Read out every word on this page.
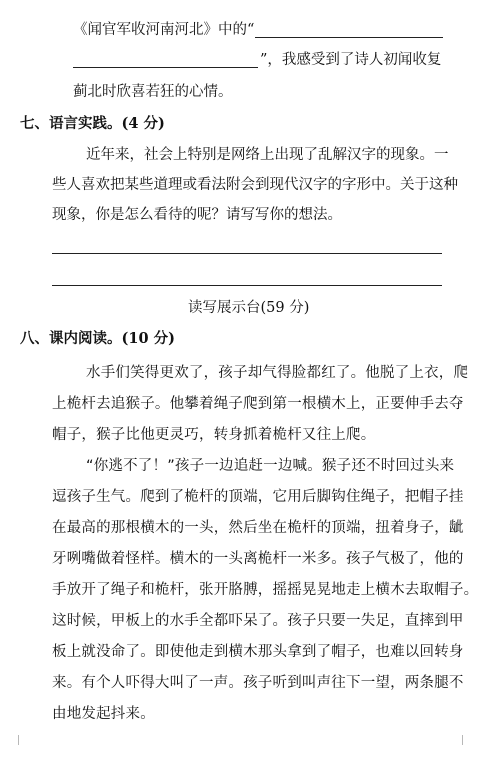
《闻官军收河南河北》中的“
”，我感受到了诗人初闻收复
蓟北时欣喜若狂的心情。
七、语言实践。(4 分)
近年来，社会上特别是网络上出现了乱解汉字的现象。一
些人喜欢把某些道理或看法附会到现代汉字的字形中。关于这种
现象，你是怎么看待的呢？请写写你的想法。
读写展示台(59 分)
八、课内阅读。(10 分)
水手们笑得更欢了，孩子却气得脸都红了。他脱了上衣，爬
上桅杆去追猴子。他攀着绳子爬到第一根横木上，正要伸手去夺
帽子，猴子比他更灵巧，转身抓着桅杆又往上爬。
“你逃不了！”孩子一边追赶一边喊。猴子还不时回过头来
逗孩子生气。爬到了桅杆的顶端，它用后脚钩住绳子，把帽子挂
在最高的那根横木的一头，然后坐在桅杆的顶端，扭着身子，龇
牙咧嘴做着怪样。横木的一头离桅杆一米多。孩子气极了，他的
手放开了绳子和桅杆，张开胳膊，摇摇晃晃地走上横木去取帽子。
这时候，甲板上的水手全都吓呆了。孩子只要一失足，直摔到甲
板上就没命了。即使他走到横木那头拿到了帽子，也难以回转身
来。有个人吓得大叫了一声。孩子听到叫声往下一望，两条腿不
由地发起抖来。
